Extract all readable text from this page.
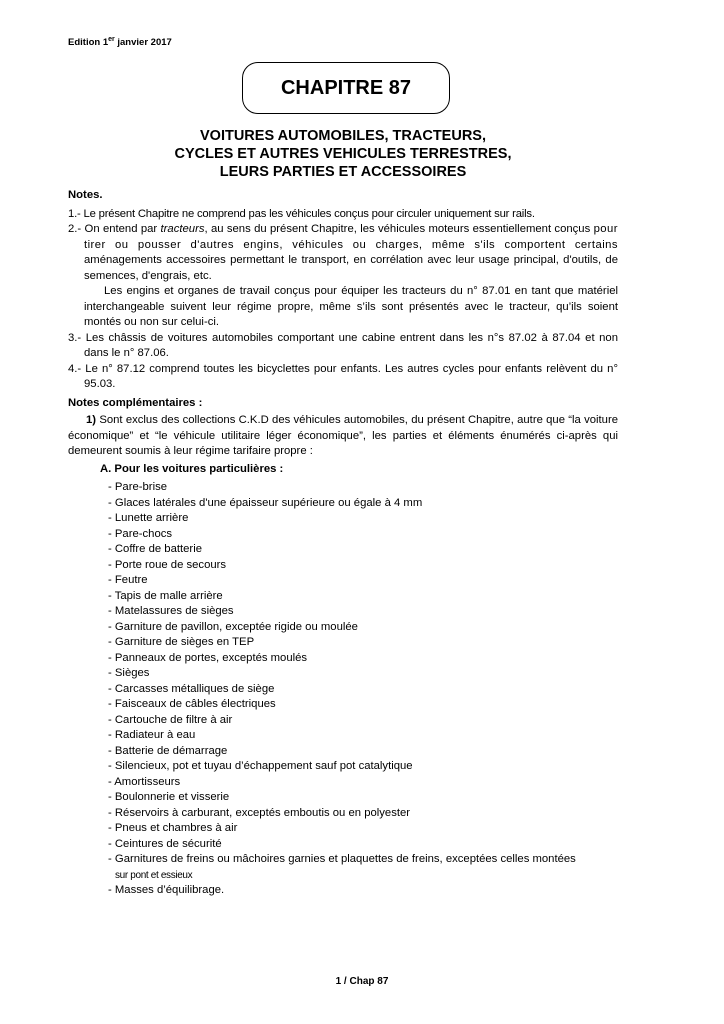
Edition 1er janvier 2017
CHAPITRE 87
VOITURES AUTOMOBILES, TRACTEURS,
CYCLES ET AUTRES VEHICULES TERRESTRES,
LEURS PARTIES ET ACCESSOIRES

Notes.

1.- Le présent Chapitre ne comprend pas les véhicules conçus pour circuler uniquement sur rails.

2.- On entend par tracteurs, au sens du présent Chapitre, les véhicules moteurs essentiellement conçus pour tirer ou pousser d'autres engins, véhicules ou charges, même s'ils comportent certains aménagements accessoires permettant le transport, en corrélation avec leur usage principal, d'outils, de semences, d'engrais, etc.

Les engins et organes de travail conçus pour équiper les tracteurs du n° 87.01 en tant que matériel interchangeable suivent leur régime propre, même s’ils sont présentés avec le tracteur, qu’ils soient montés ou non sur celui-ci.

3.- Les châssis de voitures automobiles comportant une cabine entrent dans les n°s 87.02 à 87.04 et non dans le n° 87.06.

4.- Le n° 87.12 comprend toutes les bicyclettes pour enfants. Les autres cycles pour enfants relèvent du n° 95.03.

Notes complémentaires :

1) Sont exclus des collections C.K.D des véhicules automobiles, du présent Chapitre, autre que “la voiture économique” et “le véhicule utilitaire léger économique”, les parties et éléments énumérés ci-après qui demeurent soumis à leur régime tarifaire propre :

A. Pour les voitures particulières :

- Pare-brise
- Glaces latérales d'une épaisseur supérieure ou égale à 4 mm
- Lunette arrière
- Pare-chocs
- Coffre de batterie
- Porte roue de secours
- Feutre
- Tapis de malle arrière
- Matelassures de sièges
- Garniture de pavillon, exceptée rigide ou moulée
- Garniture de sièges en TEP
- Panneaux de portes, exceptés moulés
- Sièges
- Carcasses métalliques de siège
- Faisceaux de câbles électriques
- Cartouche de filtre à air
- Radiateur à eau
- Batterie de démarrage
- Silencieux, pot et tuyau d’échappement sauf pot catalytique
- Amortisseurs
- Boulonnerie et visserie
- Réservoirs à carburant, exceptés emboutis ou en polyester
- Pneus et chambres à air
- Ceintures de sécurité
- Garnitures de freins ou mâchoires garnies et plaquettes de freins, exceptées celles montées
sur pont et essieux
- Masses d’équilibrage.
1 / Chap 87
